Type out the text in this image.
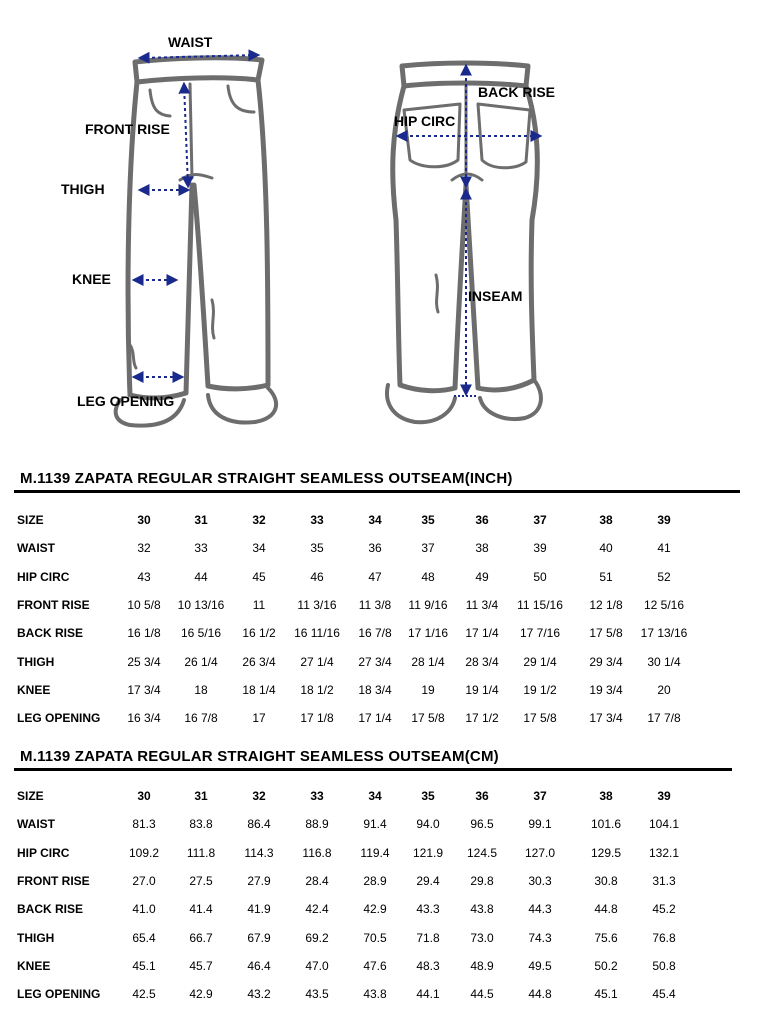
WAIST
FRONT RISE
THIGH
KNEE
LEG OPENING
BACK RISE
HIP CIRC
INSEAM
M.1139 ZAPATA REGULAR STRAIGHT SEAMLESS OUTSEAM(INCH)
SIZE	30	31	32	33	34	35	36	37	38	39
WAIST	32	33	34	35	36	37	38	39	40	41
HIP CIRC	43	44	45	46	47	48	49	50	51	52
FRONT RISE	10 5/8	10 13/16	11	11 3/16	11 3/8	11 9/16	11 3/4	11 15/16	12 1/8	12 5/16
BACK RISE	16 1/8	16 5/16	16 1/2	16 11/16	16 7/8	17 1/16	17 1/4	17 7/16	17 5/8	17 13/16
THIGH	25 3/4	26 1/4	26 3/4	27 1/4	27 3/4	28 1/4	28 3/4	29 1/4	29 3/4	30 1/4
KNEE	17 3/4	18	18 1/4	18 1/2	18 3/4	19	19 1/4	19 1/2	19 3/4	20
LEG OPENING	16 3/4	16 7/8	17	17 1/8	17 1/4	17 5/8	17 1/2	17 5/8	17 3/4	17 7/8
M.1139 ZAPATA REGULAR STRAIGHT SEAMLESS OUTSEAM(CM)
SIZE	30	31	32	33	34	35	36	37	38	39
WAIST	81.3	83.8	86.4	88.9	91.4	94.0	96.5	99.1	101.6	104.1
HIP CIRC	109.2	111.8	114.3	116.8	119.4	121.9	124.5	127.0	129.5	132.1
FRONT RISE	27.0	27.5	27.9	28.4	28.9	29.4	29.8	30.3	30.8	31.3
BACK RISE	41.0	41.4	41.9	42.4	42.9	43.3	43.8	44.3	44.8	45.2
THIGH	65.4	66.7	67.9	69.2	70.5	71.8	73.0	74.3	75.6	76.8
KNEE	45.1	45.7	46.4	47.0	47.6	48.3	48.9	49.5	50.2	50.8
LEG OPENING	42.5	42.9	43.2	43.5	43.8	44.1	44.5	44.8	45.1	45.4
